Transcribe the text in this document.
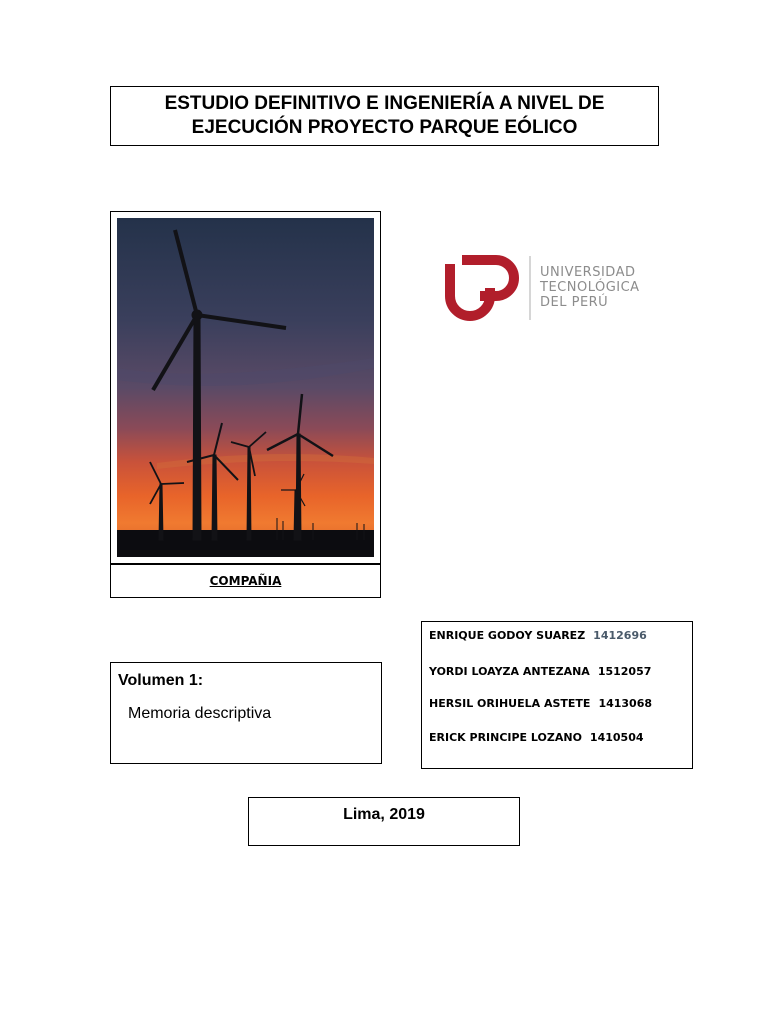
ESTUDIO DEFINITIVO E INGENIERÍA A NIVEL DE
EJECUCIÓN PROYECTO PARQUE EÓLICO
COMPAÑIA
UNIVERSIDAD
TECNOLÓGICA
DEL PERÚ
Volumen 1:
Memoria descriptiva
ENRIQUE GODOY SUAREZ 1412696
YORDI LOAYZA ANTEZANA 1512057
HERSIL ORIHUELA ASTETE 1413068
ERICK PRINCIPE LOZANO 1410504
Lima, 2019
